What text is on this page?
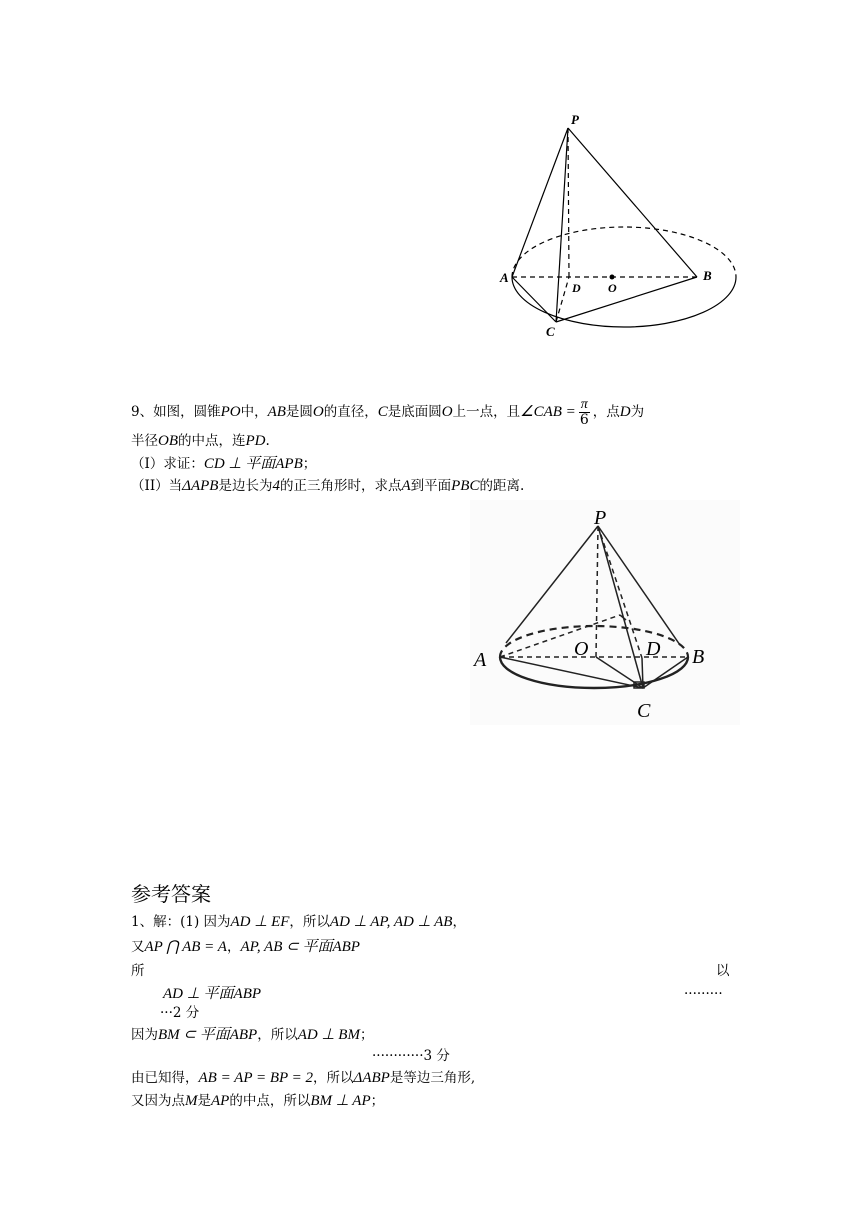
P
A	B
C
D O
9、如图，圆锥PO中，AB是圆O的直径，C是底面圆O上一点，且∠CAB = $\frac{\pi}{6}$ ，点D为
半径OB的中点，连PD.
（I）求证：CD ⊥ 平面APB；
（II）当ΔAPB是边长为4的正三角形时，求点A到平面PBC的距离.
P
A	B
C
D
O
参考答案
1、解：(1) 因为AD ⊥ EF，所以AD ⊥ AP, AD ⊥ AB，
又AP ⋂ AB = A，AP, AB ⊂ 平面ABP
所	以
AD ⊥ 平面ABP	·········
···2 分
因为BM ⊂ 平面ABP，所以AD ⊥ BM；
············3 分
由已知得，AB = AP = BP = 2，所以ΔABP是等边三角形,
又因为点M是AP的中点，所以BM ⊥ AP；
